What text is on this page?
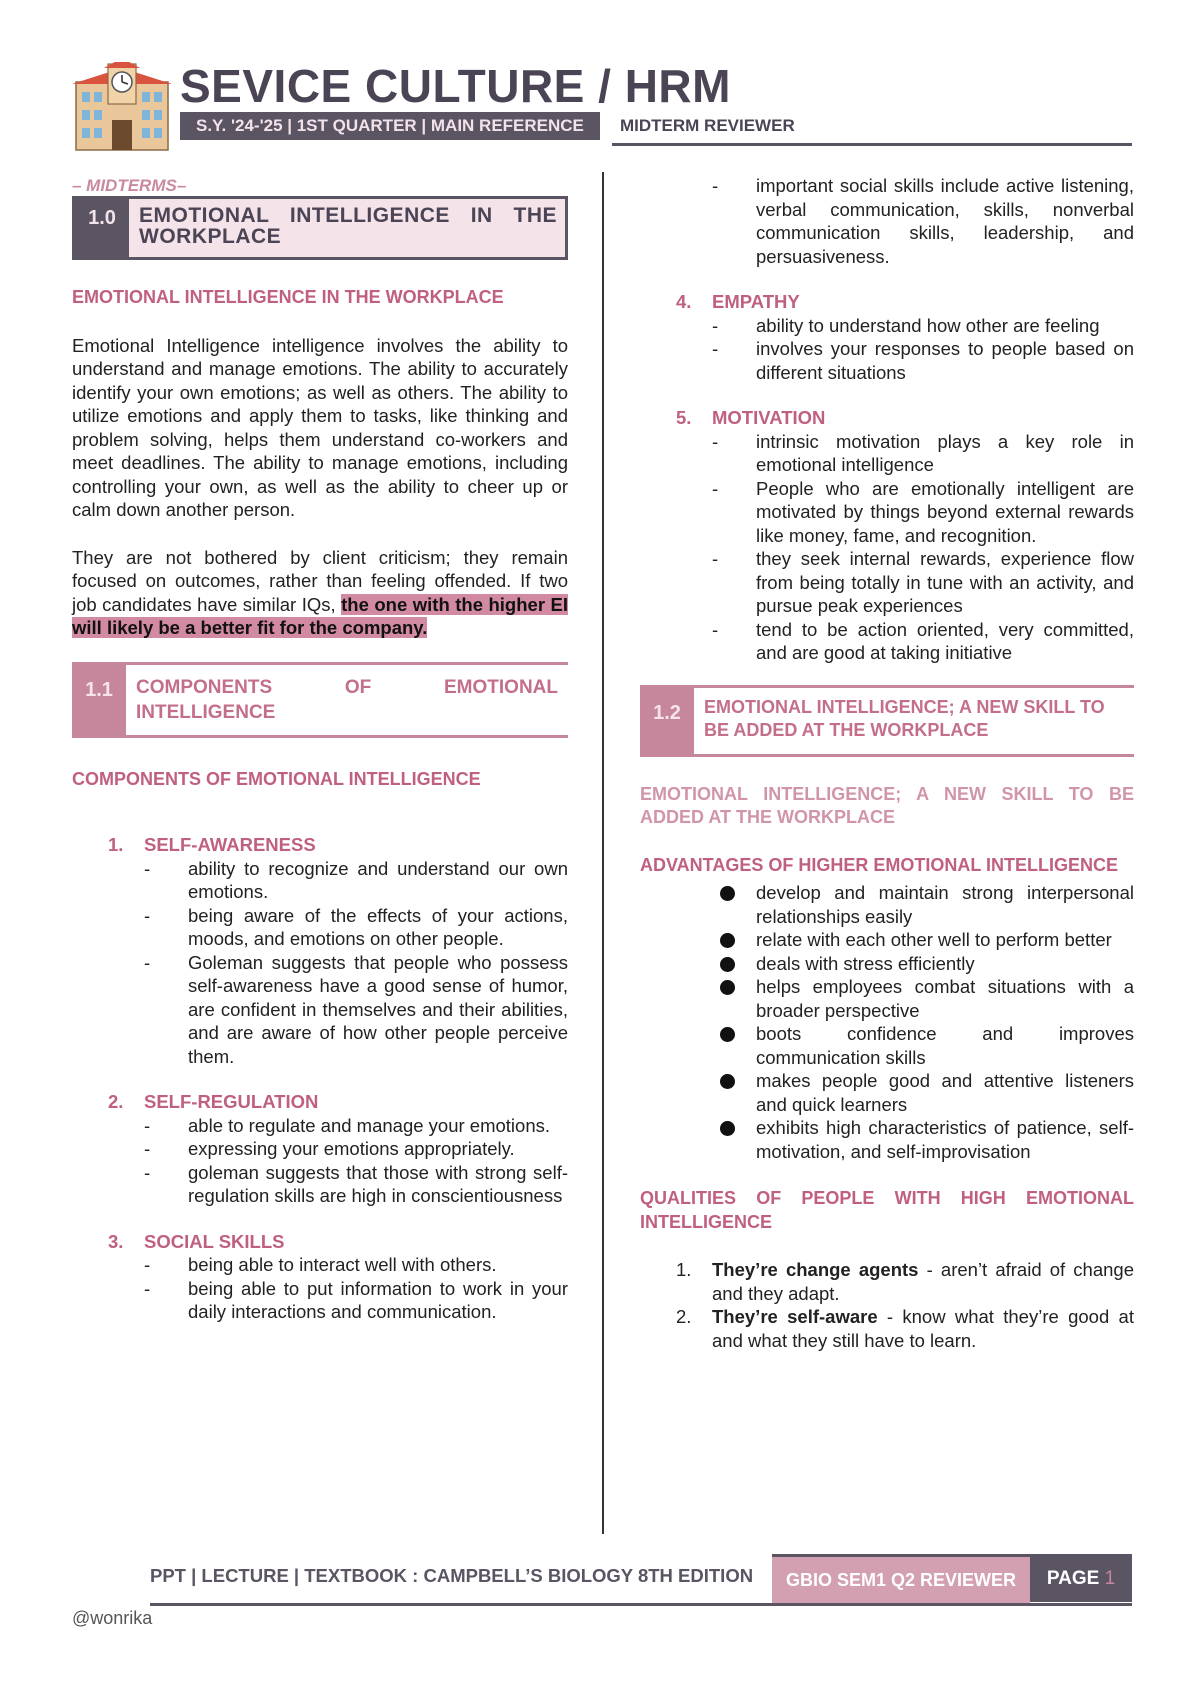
SEVICE CULTURE / HRM
S.Y. '24-'25 | 1ST QUARTER | MAIN REFERENCE	MIDTERM REVIEWER
– MIDTERMS–
1.0	EMOTIONAL INTELLIGENCE IN THE WORKPLACE
EMOTIONAL INTELLIGENCE IN THE WORKPLACE
Emotional Intelligence intelligence involves the ability to understand and manage emotions. The ability to accurately identify your own emotions; as well as others. The ability to utilize emotions and apply them to tasks, like thinking and problem solving, helps them understand co-workers and meet deadlines. The ability to manage emotions, including controlling your own, as well as the ability to cheer up or calm down another person.
They are not bothered by client criticism; they remain focused on outcomes, rather than feeling offended. If two job candidates have similar IQs, the one with the higher EI will likely be a better fit for the company.
1.1	COMPONENTS OF EMOTIONAL INTELLIGENCE
COMPONENTS OF EMOTIONAL INTELLIGENCE
1. SELF-AWARENESS
- ability to recognize and understand our own emotions.
- being aware of the effects of your actions, moods, and emotions on other people.
- Goleman suggests that people who possess self-awareness have a good sense of humor, are confident in themselves and their abilities, and are aware of how other people perceive them.
2. SELF-REGULATION
- able to regulate and manage your emotions.
- expressing your emotions appropriately.
- goleman suggests that those with strong self-regulation skills are high in conscientiousness
3. SOCIAL SKILLS
- being able to interact well with others.
- being able to put information to work in your daily interactions and communication.
- important social skills include active listening, verbal communication, skills, nonverbal communication skills, leadership, and persuasiveness.
4. EMPATHY
- ability to understand how other are feeling
- involves your responses to people based on different situations
5. MOTIVATION
- intrinsic motivation plays a key role in emotional intelligence
- People who are emotionally intelligent are motivated by things beyond external rewards like money, fame, and recognition.
- they seek internal rewards, experience flow from being totally in tune with an activity, and pursue peak experiences
- tend to be action oriented, very committed, and are good at taking initiative
1.2	EMOTIONAL INTELLIGENCE; A NEW SKILL TO BE ADDED AT THE WORKPLACE
EMOTIONAL INTELLIGENCE; A NEW SKILL TO BE ADDED AT THE WORKPLACE
ADVANTAGES OF HIGHER EMOTIONAL INTELLIGENCE
develop and maintain strong interpersonal relationships easily
relate with each other well to perform better
deals with stress efficiently
helps employees combat situations with a broader perspective
boots confidence and improves communication skills
makes people good and attentive listeners and quick learners
exhibits high characteristics of patience, self-motivation, and self-improvisation
QUALITIES OF PEOPLE WITH HIGH EMOTIONAL INTELLIGENCE
1. They’re change agents - aren’t afraid of change and they adapt.
2. They’re self-aware - know what they’re good at and what they still have to learn.
PPT | LECTURE | TEXTBOOK : CAMPBELL’S BIOLOGY 8TH EDITION	GBIO SEM1 Q2 REVIEWER	PAGE 1
@wonrika
